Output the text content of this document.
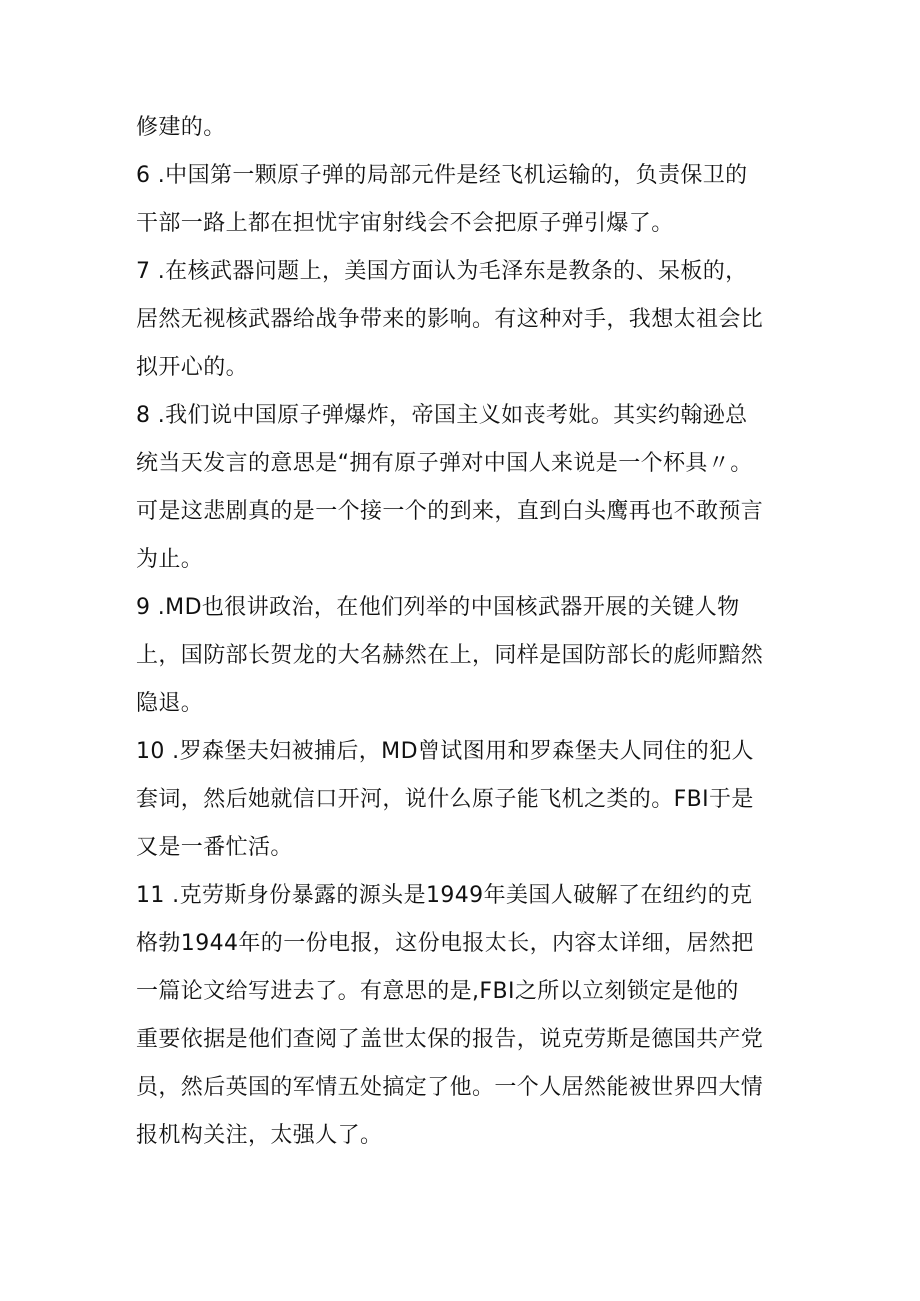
修建的。
6 .中国第一颗原子弹的局部元件是经飞机运输的，负责保卫的
干部一路上都在担忧宇宙射线会不会把原子弹引爆了。
7 .在核武器问题上，美国方面认为毛泽东是教条的、呆板的，
居然无视核武器给战争带来的影响。有这种对手，我想太祖会比
拟开心的。
8 .我们说中国原子弹爆炸，帝国主义如丧考妣。其实约翰逊总
统当天发言的意思是“拥有原子弹对中国人来说是一个杯具〃。
可是这悲剧真的是一个接一个的到来，直到白头鹰再也不敢预言
为止。
9 .MD也很讲政治，在他们列举的中国核武器开展的关键人物
上，国防部长贺龙的大名赫然在上，同样是国防部长的彪师黯然
隐退。
10 .罗森堡夫妇被捕后，MD曾试图用和罗森堡夫人同住的犯人
套词，然后她就信口开河，说什么原子能飞机之类的。FBI于是
又是一番忙活。
11 .克劳斯身份暴露的源头是1949年美国人破解了在纽约的克
格勃1944年的一份电报，这份电报太长，内容太详细，居然把
一篇论文给写进去了。有意思的是,FBI之所以立刻锁定是他的
重要依据是他们查阅了盖世太保的报告，说克劳斯是德国共产党
员，然后英国的军情五处搞定了他。一个人居然能被世界四大情
报机构关注，太强人了。
